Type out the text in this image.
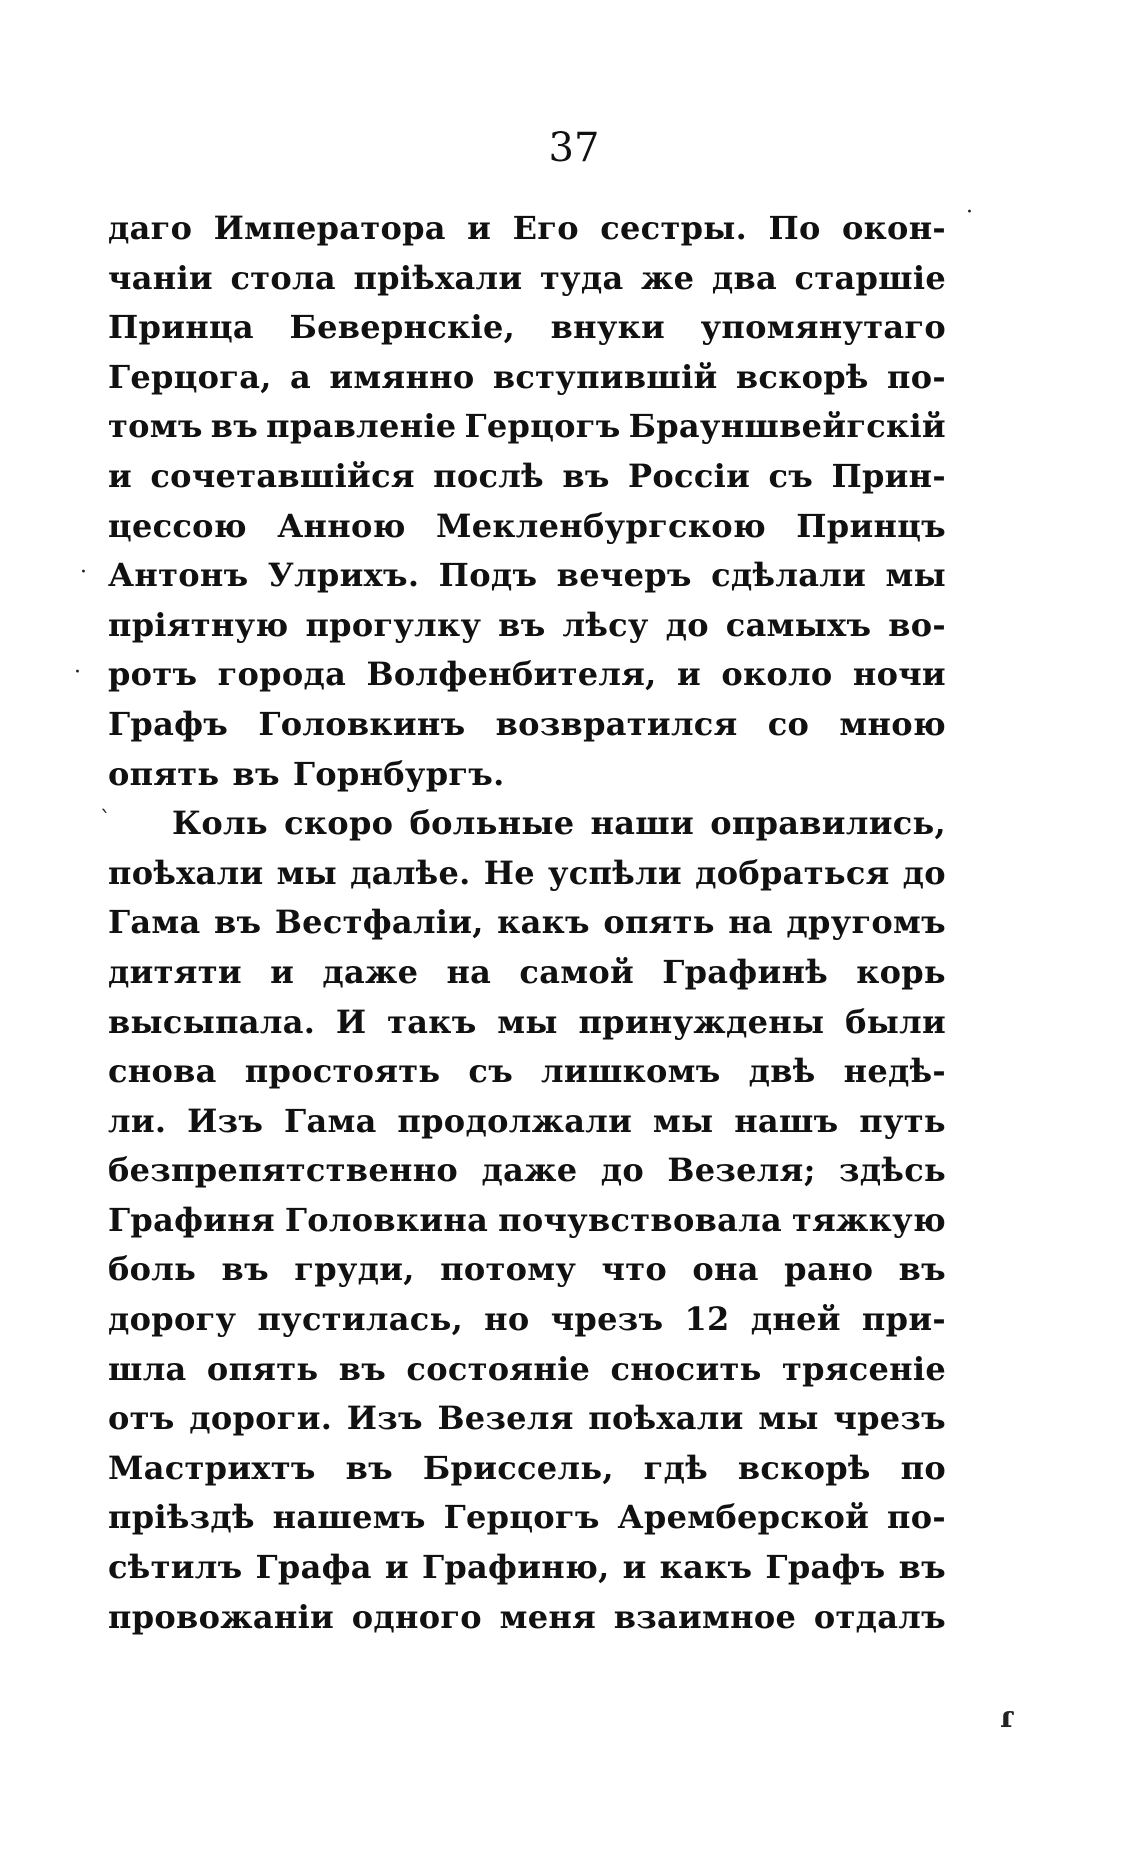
37
даго Императора и Его сестры. По окон-
чаніи стола пріѣхали туда же два старшіе
Принца Бевернскіе, внуки упомянутаго
Герцога, а имянно вступившій вскорѣ по-
томъ въ правленіе Герцогъ Брауншвейгскій
и сочетавшійся послѣ въ Россіи съ Прин-
цессою Анною Мекленбургскою Принцъ
Антонъ Улрихъ. Подъ вечеръ сдѣлали мы
пріятную прогулку въ лѣсу до самыхъ во-
ротъ города Волфенбителя, и около ночи
Графъ Головкинъ возвратился со мною
опять въ Горнбургъ.
Коль скоро больные наши оправились,
поѣхали мы далѣе. Не успѣли добраться до
Гама въ Вестфаліи, какъ опять на другомъ
дитяти и даже на самой Графинѣ корь
высыпала. И такъ мы принуждены были
снова простоять съ лишкомъ двѣ недѣ-
ли. Изъ Гама продолжали мы нашъ путь
безпрепятственно даже до Везеля; здѣсь
Графиня Головкина почувствовала тяжкую
боль въ груди, потому что она рано въ
дорогу пустилась, но чрезъ 12 дней при-
шла опять въ состояніе сносить трясеніе
отъ дороги. Изъ Везеля поѣхали мы чрезъ
Мастрихтъ въ Бриссель, гдѣ вскорѣ по
пріѣздѣ нашемъ Герцогъ Аремберской по-
сѣтилъ Графа и Графиню, и какъ Графъ въ
провожаніи одного меня взаимное отдалъ
·
·
·
ˋ
ɾ
